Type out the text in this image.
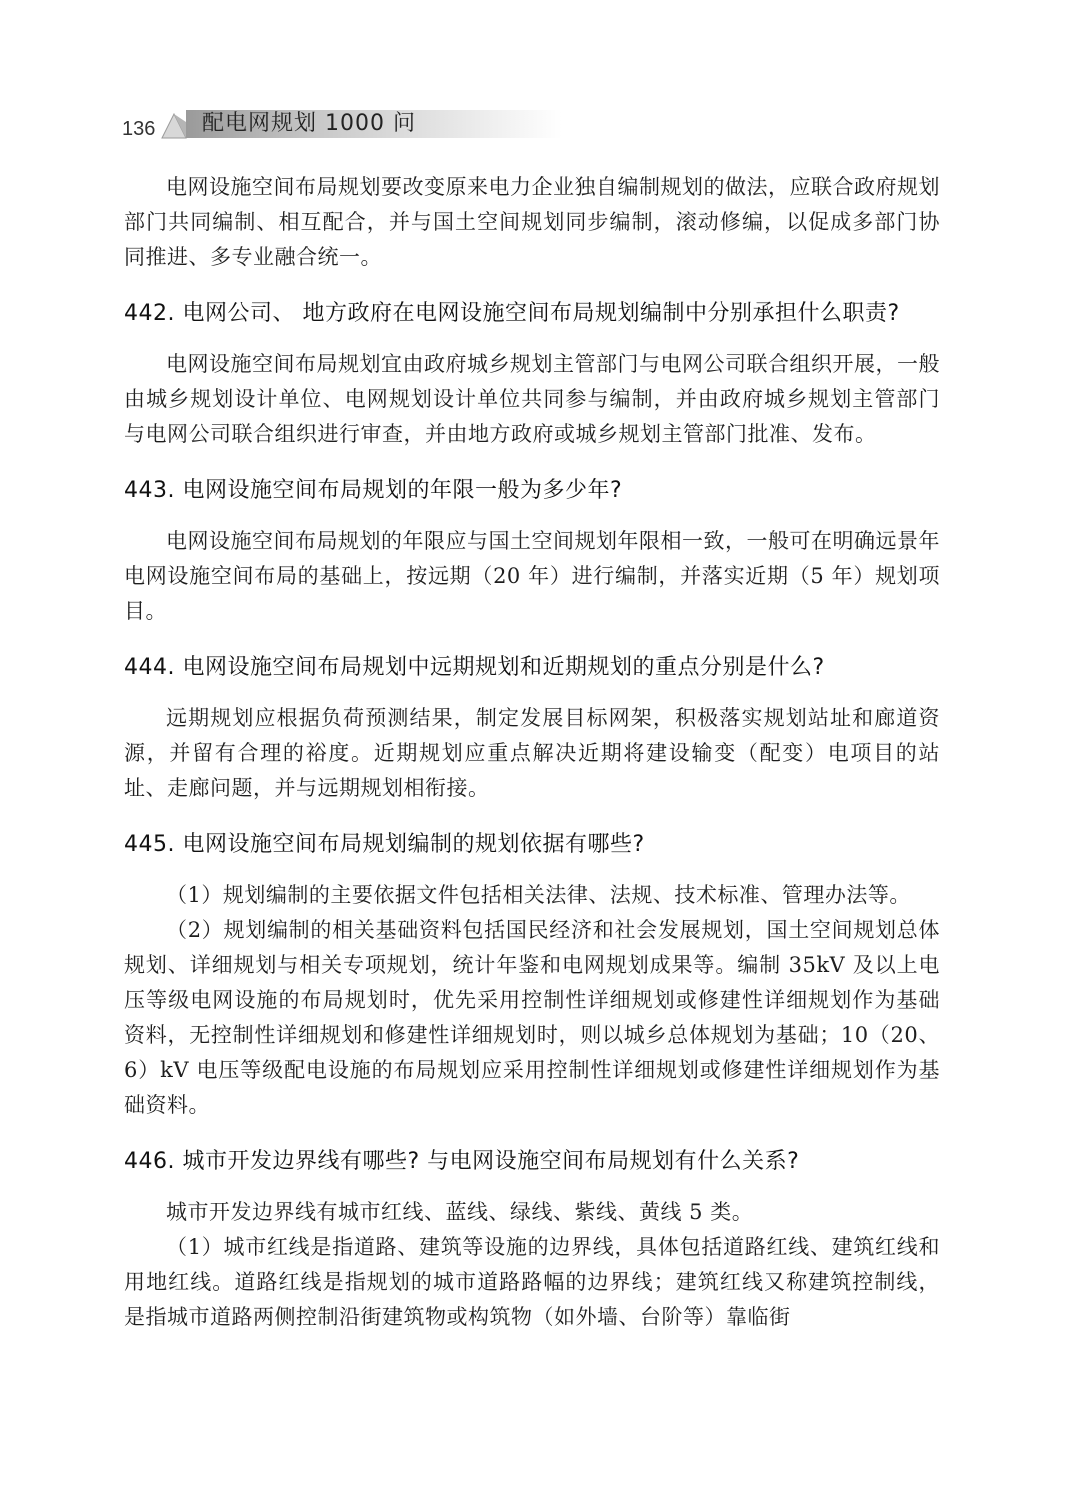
136 配电网规划 1000 问

电网设施空间布局规划要改变原来电力企业独自编制规划的做法，应联合政府规划部门共同编制、相互配合，并与国土空间规划同步编制，滚动修编，以促成多部门协同推进、多专业融合统一。

442. 电网公司、 地方政府在电网设施空间布局规划编制中分别承担什么职责?

电网设施空间布局规划宜由政府城乡规划主管部门与电网公司联合组织开展，一般由城乡规划设计单位、电网规划设计单位共同参与编制，并由政府城乡规划主管部门与电网公司联合组织进行审查，并由地方政府或城乡规划主管部门批准、发布。

443. 电网设施空间布局规划的年限一般为多少年?

电网设施空间布局规划的年限应与国土空间规划年限相一致，一般可在明确远景年电网设施空间布局的基础上，按远期（20 年）进行编制，并落实近期（5 年）规划项目。

444. 电网设施空间布局规划中远期规划和近期规划的重点分别是什么?

远期规划应根据负荷预测结果，制定发展目标网架，积极落实规划站址和廊道资源，并留有合理的裕度。近期规划应重点解决近期将建设输变（配变）电项目的站址、走廊问题，并与远期规划相衔接。

445. 电网设施空间布局规划编制的规划依据有哪些?

（1）规划编制的主要依据文件包括相关法律、法规、技术标准、管理办法等。

（2）规划编制的相关基础资料包括国民经济和社会发展规划，国土空间规划总体规划、详细规划与相关专项规划，统计年鉴和电网规划成果等。编制 35kV 及以上电压等级电网设施的布局规划时，优先采用控制性详细规划或修建性详细规划作为基础资料，无控制性详细规划和修建性详细规划时，则以城乡总体规划为基础；10（20、6）kV 电压等级配电设施的布局规划应采用控制性详细规划或修建性详细规划作为基础资料。

446. 城市开发边界线有哪些? 与电网设施空间布局规划有什么关系?

城市开发边界线有城市红线、蓝线、绿线、紫线、黄线 5 类。

（1）城市红线是指道路、建筑等设施的边界线，具体包括道路红线、建筑红线和用地红线。道路红线是指规划的城市道路路幅的边界线；建筑红线又称建筑控制线，是指城市道路两侧控制沿街建筑物或构筑物（如外墙、台阶等）靠临街
